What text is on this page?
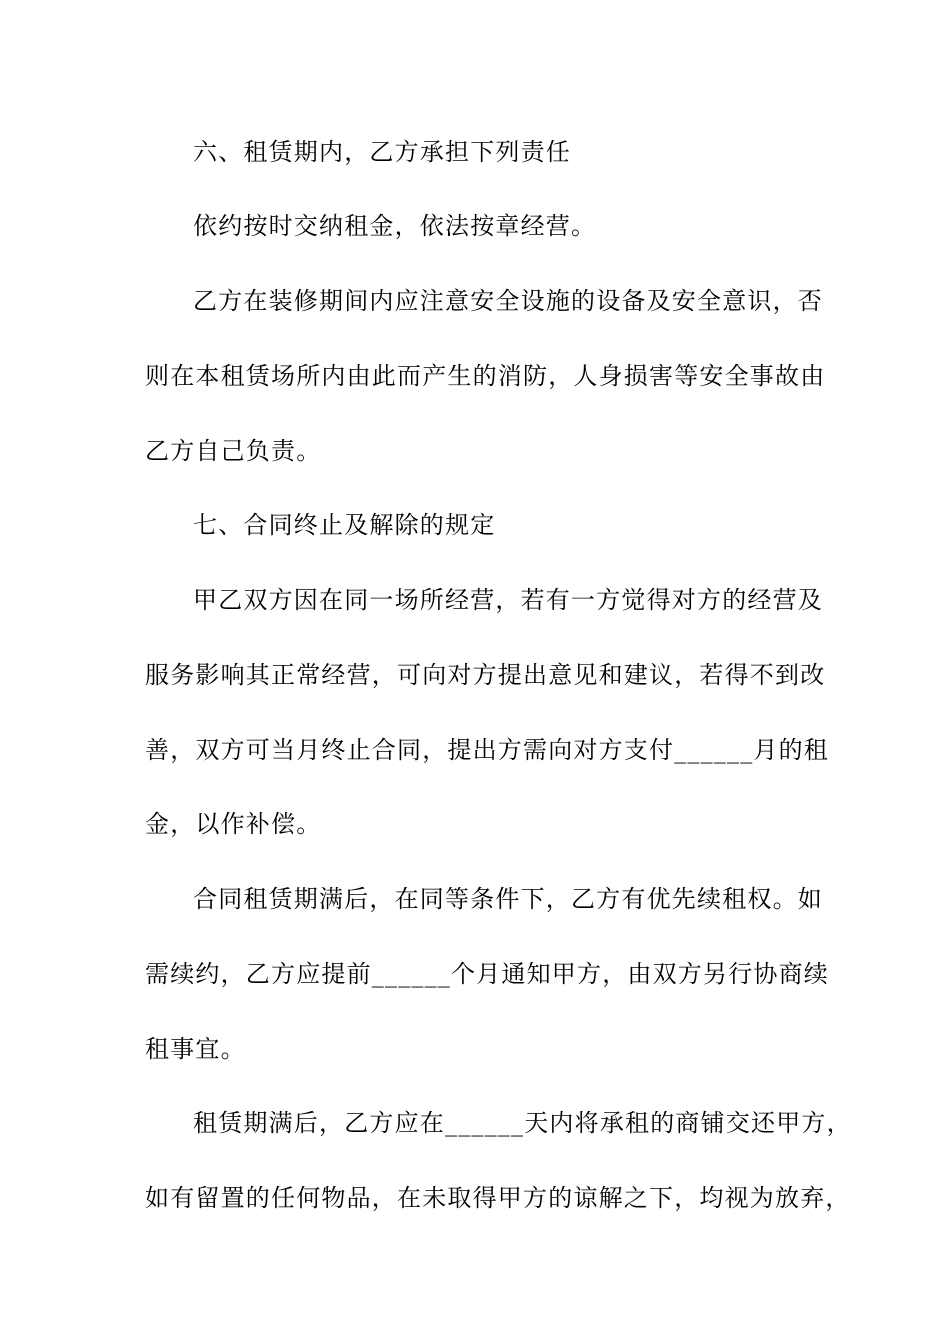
六、租赁期内，乙方承担下列责任
依约按时交纳租金，依法按章经营。
乙方在装修期间内应注意安全设施的设备及安全意识，否
则在本租赁场所内由此而产生的消防，人身损害等安全事故由
乙方自己负责。
七、合同终止及解除的规定
甲乙双方因在同一场所经营，若有一方觉得对方的经营及
服务影响其正常经营，可向对方提出意见和建议，若得不到改
善，双方可当月终止合同，提出方需向对方支付______月的租
金，以作补偿。
合同租赁期满后，在同等条件下，乙方有优先续租权。如
需续约，乙方应提前______个月通知甲方，由双方另行协商续
租事宜。
租赁期满后，乙方应在______天内将承租的商铺交还甲方，
如有留置的任何物品，在未取得甲方的谅解之下，均视为放弃，
